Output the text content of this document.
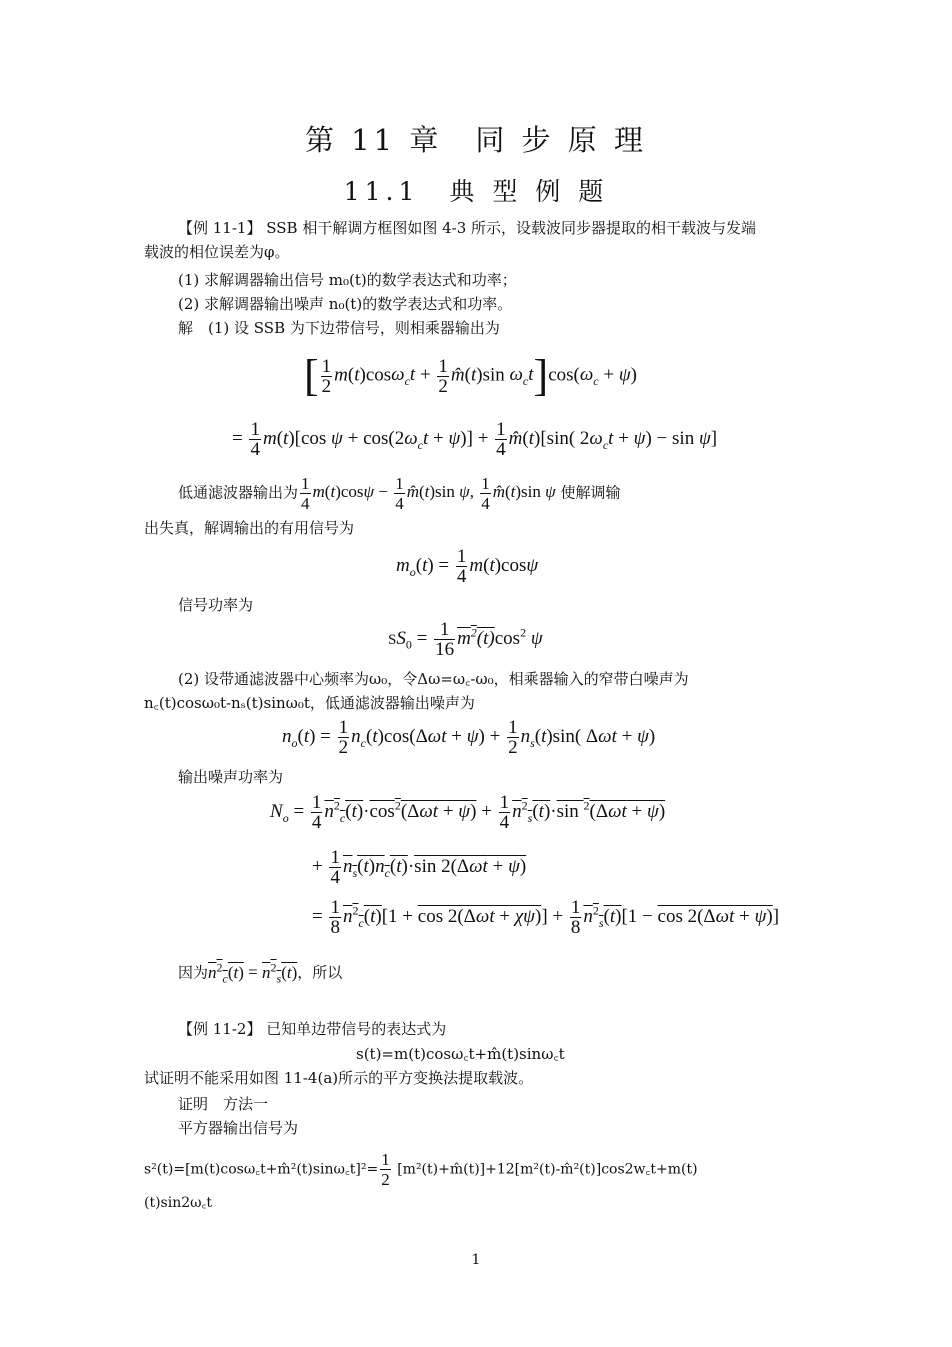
第 11 章　同 步 原 理
11.1　典 型 例 题
【例 11-1】 SSB 相干解调方框图如图 4-3 所示，设载波同步器提取的相干载波与发端
载波的相位误差为φ。
(1) 求解调器输出信号 m₀(t)的数学表达式和功率；
(2) 求解调器输出噪声 n₀(t)的数学表达式和功率。
解　(1) 设 SSB 为下边带信号，则相乘器输出为
[ $\frac{1}{2} m(t)\cos\omega_ct + \frac{1}{2}$ m̂(t)sin $\omega_ct]\cos(\omega_c + \psi)$
= $\frac{1}{4} m(t)[\cos$ $\psi + \cos(2\omega_ct + \psi)] + \frac{1}{4}$ m̂(t)[sin( $2\omega_ct + \psi) - \sin \psi$]
低通滤波器输出为 $\frac{1}{4} m(t)\cos\psi - \frac{1}{4}$ m̂(t)sin ψ, $\frac{1}{4}$ m̂(t)sin ψ 使解调输
出失真，解调输出的有用信号为
$m_o(t) = \frac{1}{4} m(t)\cos\psi$
信号功率为
$SS_0 = \frac{1}{16} m^2(t)\cos^2$ ψ
(2) 设带通滤波器中心频率为ω₀，令Δω=ω꜀-ω₀，相乘器输入的窄带白噪声为
n꜀(t)cosω₀t-nₛ(t)sinω₀t，低通滤波器输出噪声为
$n_o(t) = \frac{1}{2} n_c(t)\cos(\Delta\omega t + \psi) + \frac{1}{2} n_s(t)\sin$( Δωt + ψ)
输出噪声功率为
$N_o = \frac{1}{4} n^2_c(t)\cdot\cos^2(\Delta\omega t + \psi) + \frac{1}{4} n^2_s(t)\cdot\sin$ $^2$(Δωt + ψ)
+ $\frac{1}{4} n_s(t)n_c(t)\cdot\sin$ 2(Δωt + ψ)
= $\frac{1}{8} n^2_c(t)[1 + \cos 2(\Delta\omega t + \chi\psi)] + \frac{1}{8} n^2_s(t)[1 - \cos 2(\Delta\omega t + \psi)]$
因为$n^2_c(t) = n^2_s(t)$，所以
【例 11-2】 已知单边带信号的表达式为
s(t)=m(t)cosω꜀t+m̂(t)sinω꜀t
试证明不能采用如图 11-4(a)所示的平方变换法提取载波。
证明　方法一
平方器输出信号为
s²(t)=[m(t)cosω꜀t+m̂²(t)sinω꜀t]²= $\frac{1}{2}$ [m²(t)+m̂(t)]+12[m²(t)-m̂²(t)]cos2w꜀t+m(t)
(t)sin2ω꜀t
1
